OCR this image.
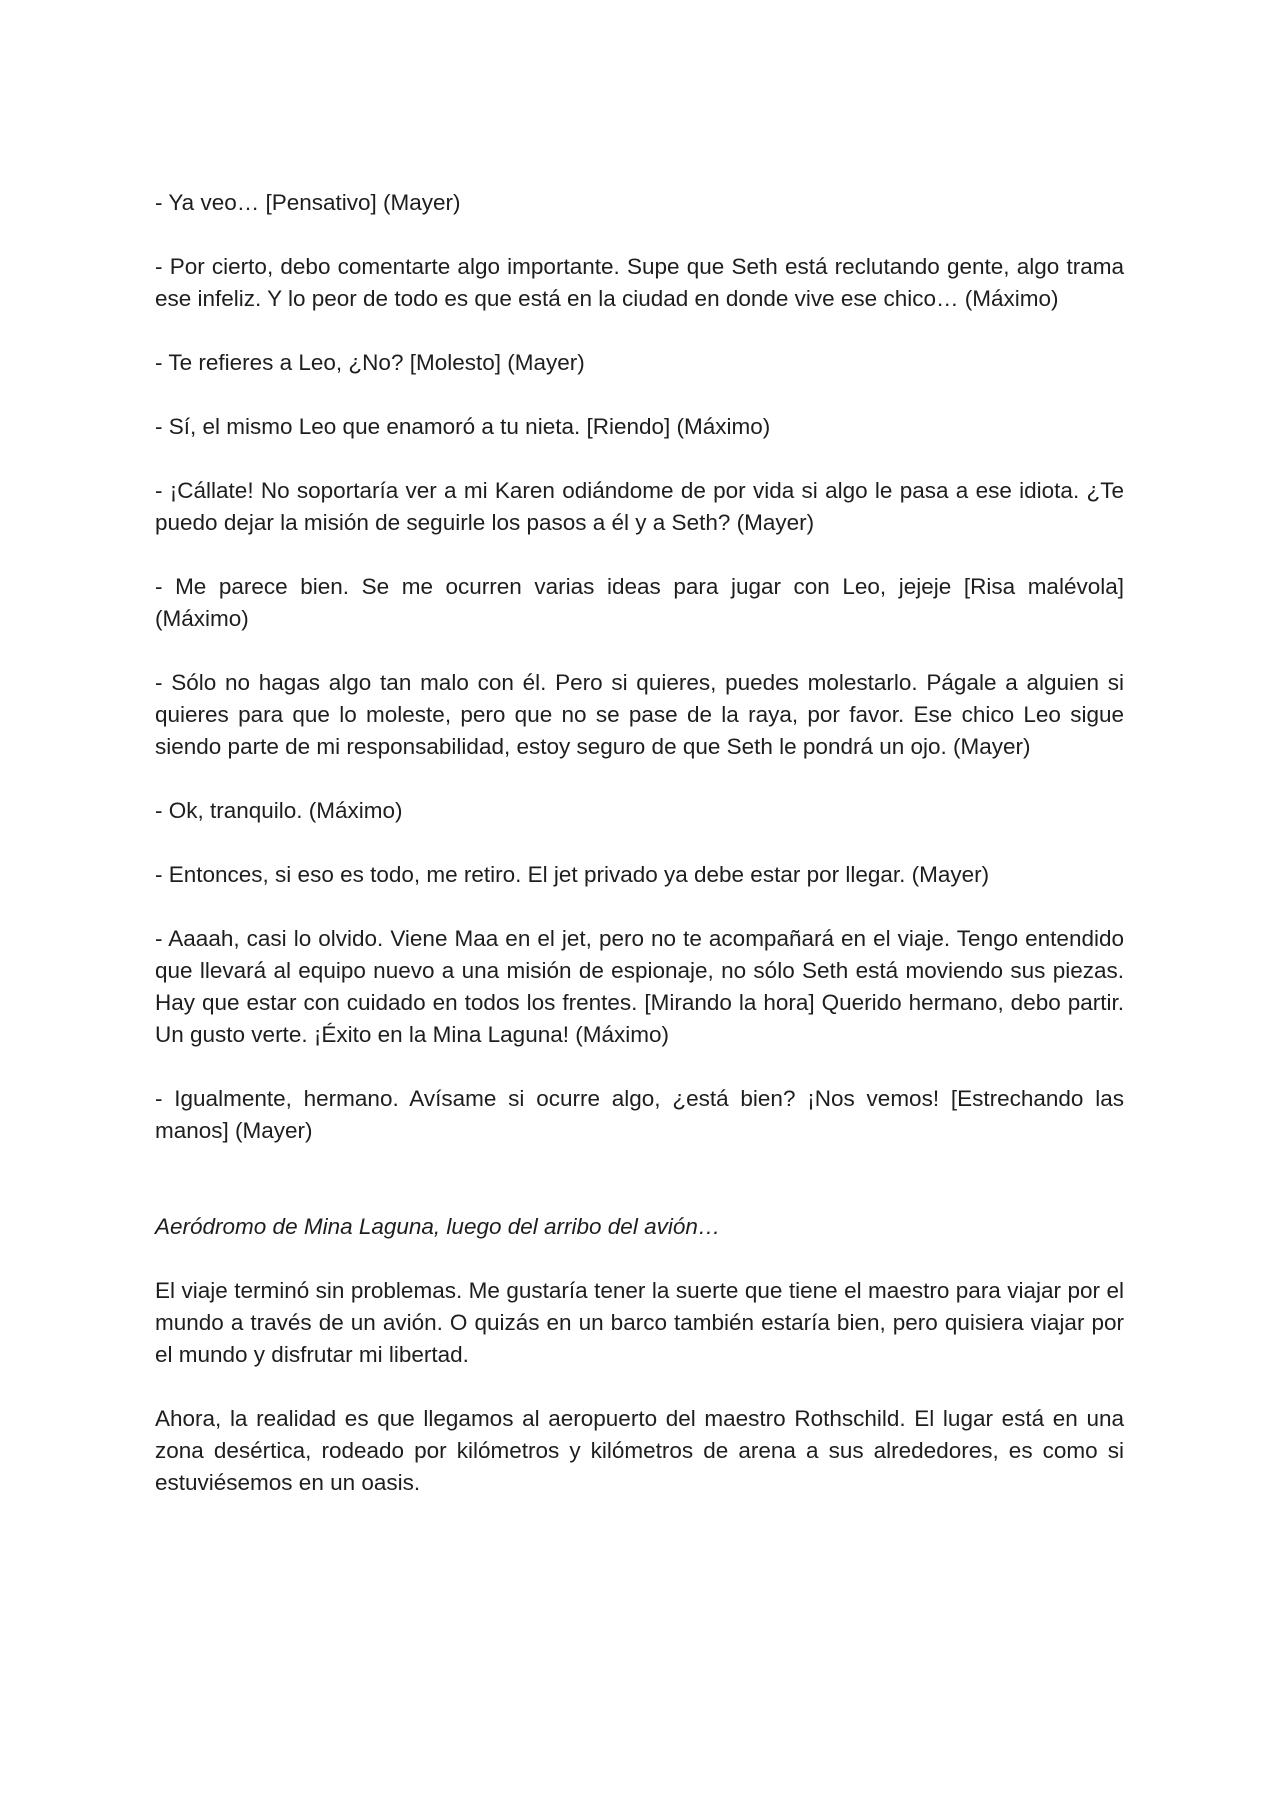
- Ya veo… [Pensativo] (Mayer)

- Por cierto, debo comentarte algo importante. Supe que Seth está reclutando gente, algo trama ese infeliz. Y lo peor de todo es que está en la ciudad en donde vive ese chico… (Máximo)

- Te refieres a Leo, ¿No? [Molesto] (Mayer)

- Sí, el mismo Leo que enamoró a tu nieta. [Riendo] (Máximo)

- ¡Cállate! No soportaría ver a mi Karen odiándome de por vida si algo le pasa a ese idiota. ¿Te puedo dejar la misión de seguirle los pasos a él y a Seth? (Mayer)

- Me parece bien. Se me ocurren varias ideas para jugar con Leo, jejeje [Risa malévola] (Máximo)

- Sólo no hagas algo tan malo con él. Pero si quieres, puedes molestarlo. Págale a alguien si quieres para que lo moleste, pero que no se pase de la raya, por favor. Ese chico Leo sigue siendo parte de mi responsabilidad, estoy seguro de que Seth le pondrá un ojo. (Mayer)

- Ok, tranquilo. (Máximo)

- Entonces, si eso es todo, me retiro. El jet privado ya debe estar por llegar. (Mayer)

- Aaaah, casi lo olvido. Viene Maa en el jet, pero no te acompañará en el viaje. Tengo entendido que llevará al equipo nuevo a una misión de espionaje, no sólo Seth está moviendo sus piezas. Hay que estar con cuidado en todos los frentes. [Mirando la hora] Querido hermano, debo partir. Un gusto verte. ¡Éxito en la Mina Laguna! (Máximo)

- Igualmente, hermano. Avísame si ocurre algo, ¿está bien? ¡Nos vemos! [Estrechando las manos] (Mayer)

Aeródromo de Mina Laguna, luego del arribo del avión…

El viaje terminó sin problemas. Me gustaría tener la suerte que tiene el maestro para viajar por el mundo a través de un avión. O quizás en un barco también estaría bien, pero quisiera viajar por el mundo y disfrutar mi libertad.

Ahora, la realidad es que llegamos al aeropuerto del maestro Rothschild. El lugar está en una zona desértica, rodeado por kilómetros y kilómetros de arena a sus alrededores, es como si estuviésemos en un oasis.
